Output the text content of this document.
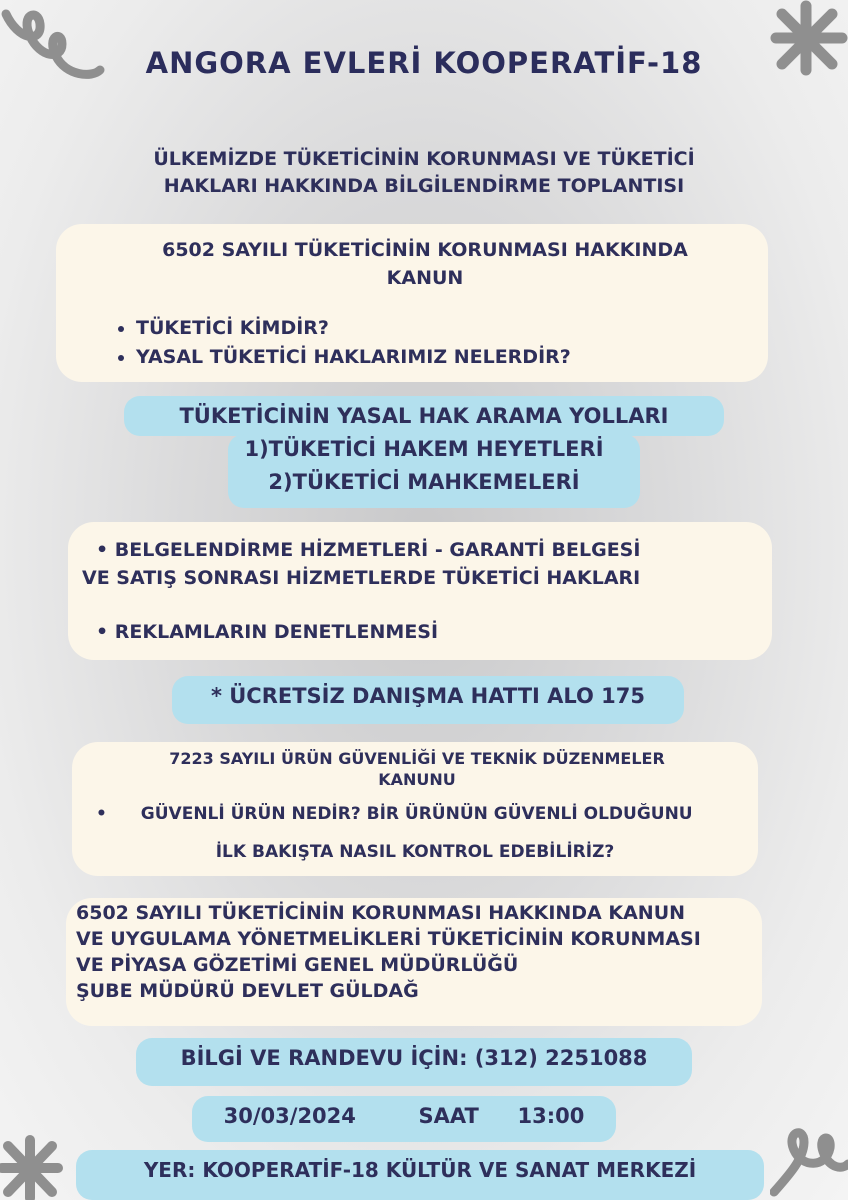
ANGORA EVLERİ KOOPERATİF-18
ÜLKEMİZDE TÜKETİCİNİN KORUNMASI VE TÜKETİCİ
HAKLARI HAKKINDA BİLGİLENDİRME TOPLANTISI
6502 SAYILI TÜKETİCİNİN KORUNMASI HAKKINDA
KANUN
• TÜKETİCİ KİMDİR?
• YASAL TÜKETİCİ HAKLARIMIZ NELERDİR?
TÜKETİCİNİN YASAL HAK ARAMA YOLLARI
1)TÜKETİCİ HAKEM HEYETLERİ
2)TÜKETİCİ MAHKEMELERİ
• BELGELENDİRME HİZMETLERİ - GARANTİ BELGESİ
VE SATIŞ SONRASI HİZMETLERDE TÜKETİCİ HAKLARI
• REKLAMLARIN DENETLENMESİ
* ÜCRETSİZ DANIŞMA HATTI ALO 175
7223 SAYILI ÜRÜN GÜVENLİĞİ VE TEKNİK DÜZENMELER
KANUNU
• GÜVENLİ ÜRÜN NEDİR? BİR ÜRÜNÜN GÜVENLİ OLDUĞUNU
İLK BAKIŞTA NASIL KONTROL EDEBİLİRİZ?
6502 SAYILI TÜKETİCİNİN KORUNMASI HAKKINDA KANUN
VE UYGULAMA YÖNETMELİKLERİ TÜKETİCİNİN KORUNMASI
VE PİYASA GÖZETİMİ GENEL MÜDÜRLÜĞÜ
ŞUBE MÜDÜRÜ DEVLET GÜLDAĞ
BİLGİ VE RANDEVU İÇİN: (312) 2251088
30/03/2024	SAAT 13:00
YER: KOOPERATİF-18 KÜLTÜR VE SANAT MERKEZİ
